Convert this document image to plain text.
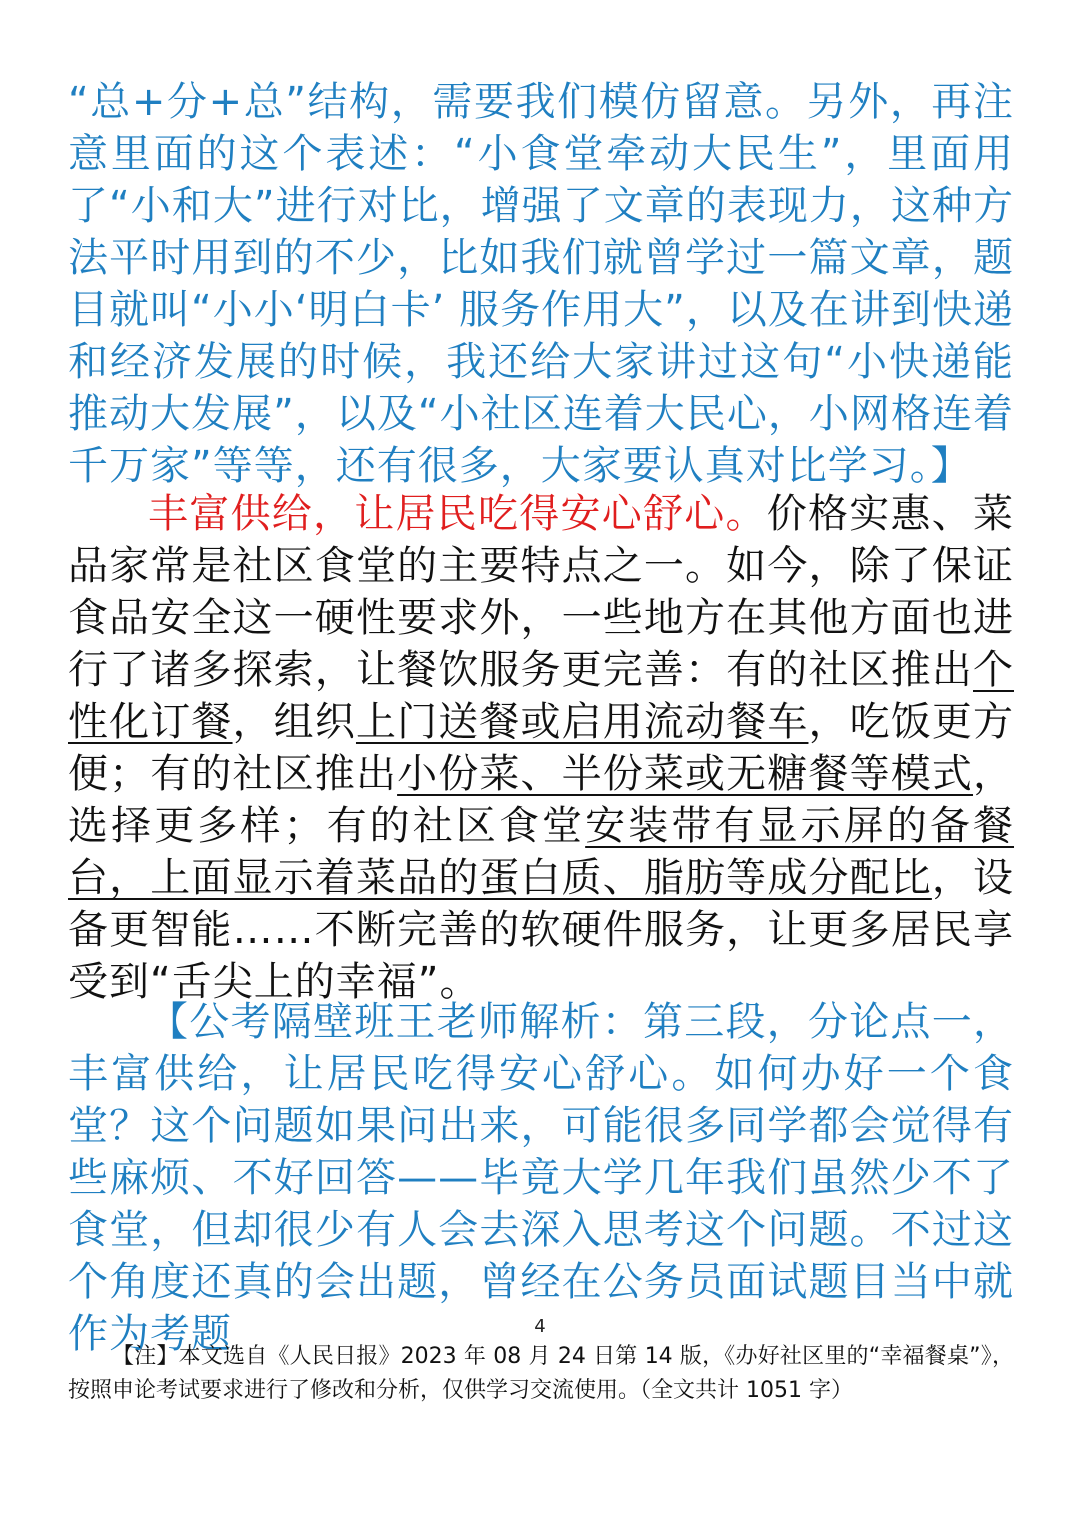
“总+分+总”结构，需要我们模仿留意。另外，再注意里面的这个表述：“小食堂牵动大民生”，里面用了“小和大”进行对比，增强了文章的表现力，这种方法平时用到的不少，比如我们就曾学过一篇文章，题目就叫“小小‘明白卡’ 服务作用大”，以及在讲到快递和经济发展的时候，我还给大家讲过这句“小快递能推动大发展”，以及“小社区连着大民心，小网格连着千万家”等等，还有很多，大家要认真对比学习。】

丰富供给，让居民吃得安心舒心。价格实惠、菜品家常是社区食堂的主要特点之一。如今，除了保证食品安全这一硬性要求外，一些地方在其他方面也进行了诸多探索，让餐饮服务更完善：有的社区推出个性化订餐，组织上门送餐或启用流动餐车，吃饭更方便；有的社区推出小份菜、半份菜或无糖餐等模式，选择更多样；有的社区食堂安装带有显示屏的备餐台，上面显示着菜品的蛋白质、脂肪等成分配比，设备更智能……不断完善的软硬件服务，让更多居民享受到“舌尖上的幸福”。

【公考隔壁班王老师解析：第三段，分论点一，丰富供给，让居民吃得安心舒心。如何办好一个食堂？这个问题如果问出来，可能很多同学都会觉得有些麻烦、不好回答——毕竟大学几年我们虽然少不了食堂，但却很少有人会去深入思考这个问题。不过这个角度还真的会出题，曾经在公务员面试题目当中就作为考题	4

【注】本文选自《人民日报》2023 年 08 月 24 日第 14 版，《办好社区里的“幸福餐桌”》，按照申论考试要求进行了修改和分析，仅供学习交流使用。（全文共计 1051 字）
